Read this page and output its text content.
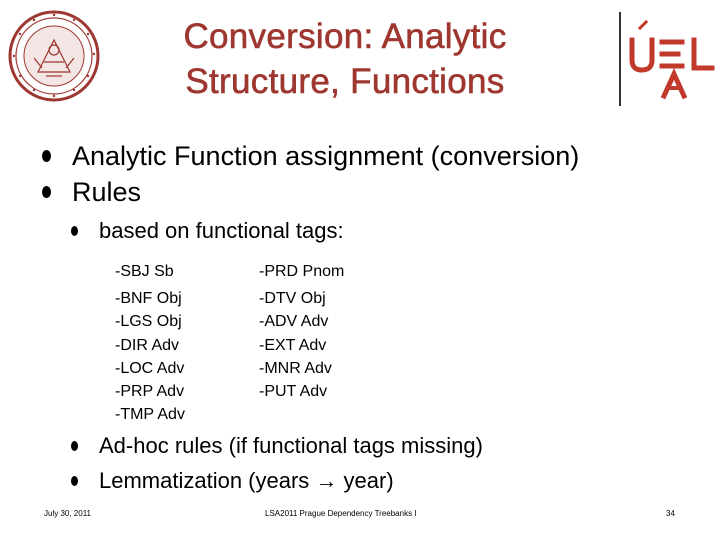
Conversion: Analytic
Structure, Functions
Analytic Function assignment (conversion)
Rules
based on functional tags:
-SBJ Sb
-BNF Obj
-LGS Obj
-DIR Adv
-LOC Adv
-PRP Adv
-TMP Adv
-PRD Pnom
-DTV Obj
-ADV Adv
-EXT Adv
-MNR Adv
-PUT Adv
Ad-hoc rules (if functional tags missing)
Lemmatization (years → year)
July 30, 2011	LSA2011 Prague Dependency Treebanks I	34
